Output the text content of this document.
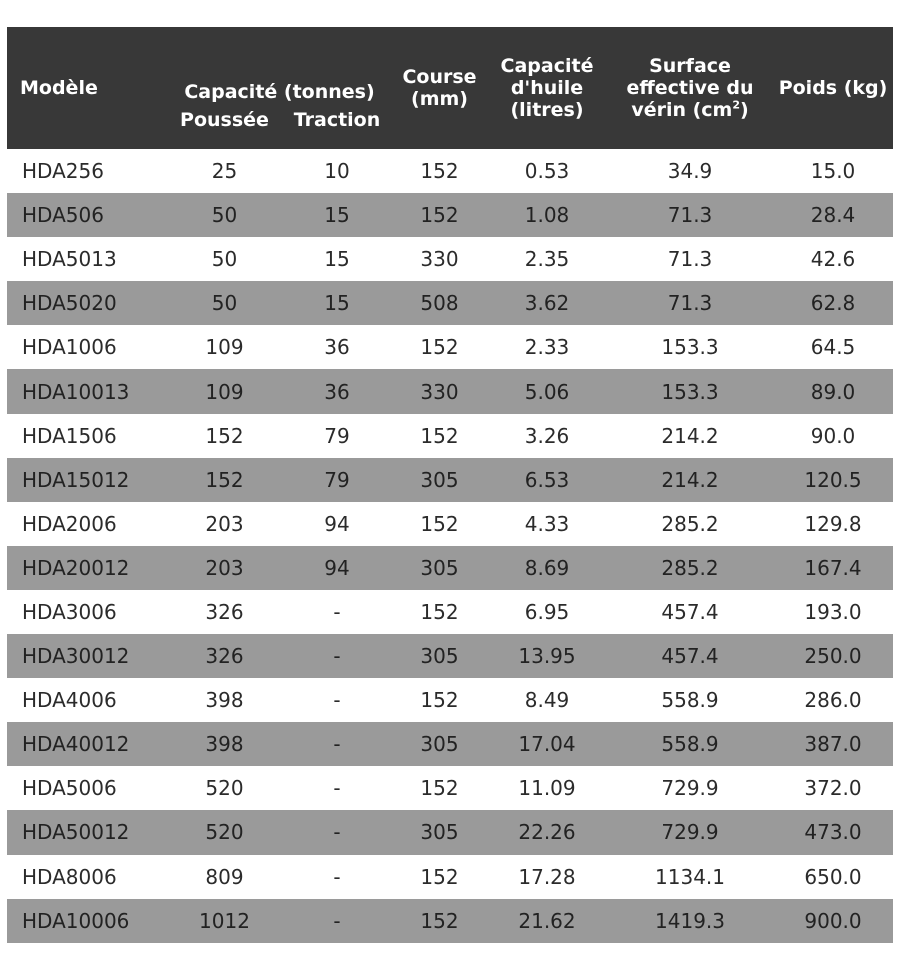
Modèle	Capacité (tonnes)		Course (mm)	Capacité d'huile (litres)	Surface effective du vérin $(cm^2)$	Poids (kg)
	Poussée	Traction				
HDA256	25	10	152	0.53	34.9	15.0
HDA506	50	15	152	1.08	71.3	28.4
HDA5013	50	15	330	2.35	71.3	42.6
HDA5020	50	15	508	3.62	71.3	62.8
HDA1006	109	36	152	2.33	153.3	64.5
HDA10013	109	36	330	5.06	153.3	89.0
HDA1506	152	79	152	3.26	214.2	90.0
HDA15012	152	79	305	6.53	214.2	120.5
HDA2006	203	94	152	4.33	285.2	129.8
HDA20012	203	94	305	8.69	285.2	167.4
HDA3006	326	-	152	6.95	457.4	193.0
HDA30012	326	-	305	13.95	457.4	250.0
HDA4006	398	-	152	8.49	558.9	286.0
HDA40012	398	-	305	17.04	558.9	387.0
HDA5006	520	-	152	11.09	729.9	372.0
HDA50012	520	-	305	22.26	729.9	473.0
HDA8006	809	-	152	17.28	1134.1	650.0
HDA10006	1012	-	152	21.62	1419.3	900.0
